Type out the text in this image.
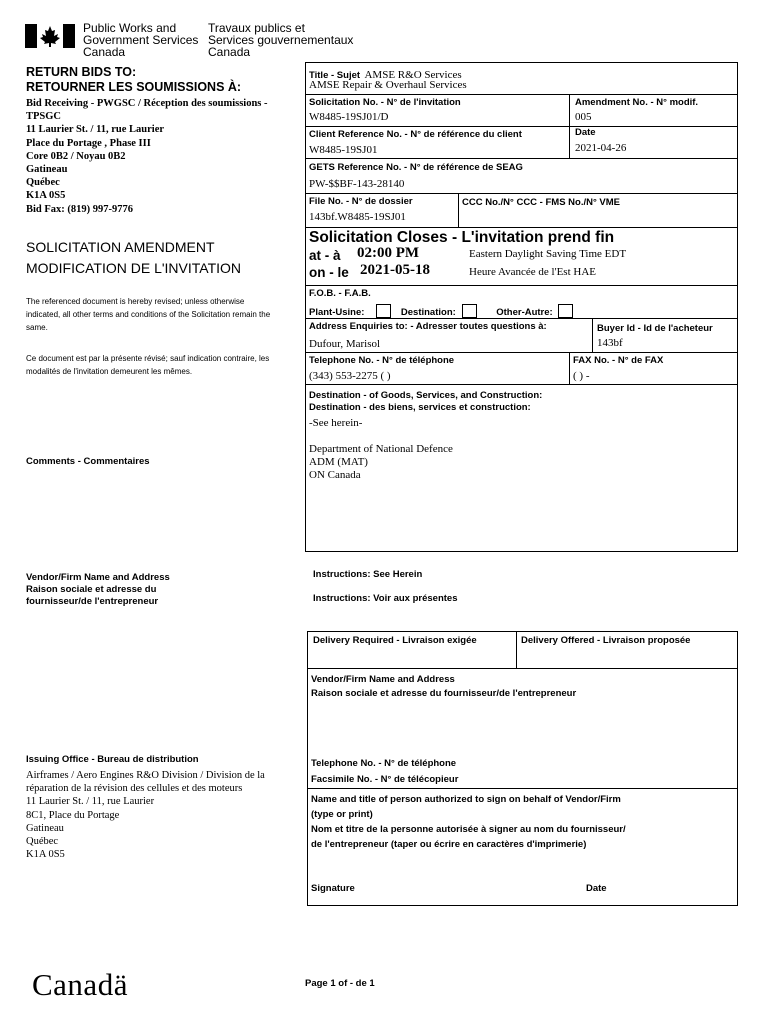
Public Works and
Government Services
Canada
Travaux publics et
Services gouvernementaux
Canada
RETURN BIDS TO:
RETOURNER LES SOUMISSIONS À:
Bid Receiving - PWGSC / Réception des soumissions -
TPSGC
11 Laurier St. / 11, rue Laurier
Place du Portage , Phase III
Core 0B2 / Noyau 0B2
Gatineau
Québec
K1A 0S5
Bid Fax: (819) 997-9776
SOLICITATION AMENDMENT
MODIFICATION DE L'INVITATION
The referenced document is hereby revised; unless otherwise indicated, all other terms and conditions of the Solicitation remain the same.
Ce document est par la présente révisé; sauf indication contraire, les modalités de l'invitation demeurent les mêmes.
Comments - Commentaires
Vendor/Firm Name and Address
Raison sociale et adresse du
fournisseur/de l'entrepreneur
Issuing Office - Bureau de distribution
Airframes / Aero Engines R&O Division / Division de la
réparation de la révision des cellules et des moteurs
11 Laurier St. / 11, rue Laurier
8C1, Place du Portage
Gatineau
Québec
K1A 0S5
Title - Sujet AMSE R&O Services
AMSE Repair & Overhaul Services
Solicitation No. - N° de l'invitation
W8485-19SJ01/D
Amendment No. - N° modif.
005
Client Reference No. - N° de référence du client
W8485-19SJ01
Date
2021-04-26
GETS Reference No. - N° de référence de SEAG
PW-$$BF-143-28140
File No. - N° de dossier
143bf.W8485-19SJ01
CCC No./N° CCC - FMS No./N° VME
Solicitation Closes - L'invitation prend fin
at - à 02:00 PM	Eastern Daylight Saving Time EDT
on - le 2021-05-18	Heure Avancée de l'Est HAE
F.O.B. - F.A.B.
Plant-Usine:	Destination:	Other-Autre:
Address Enquiries to: - Adresser toutes questions à:
Dufour, Marisol
Buyer Id - Id de l'acheteur
143bf
Telephone No. - N° de téléphone
(343) 553-2275 ( )
FAX No. - N° de FAX
( ) -
Destination - of Goods, Services, and Construction:
Destination - des biens, services et construction:
-See herein-
Department of National Defence
ADM (MAT)
ON Canada
Instructions: See Herein
Instructions: Voir aux présentes
Delivery Required - Livraison exigée	Delivery Offered - Livraison proposée
Vendor/Firm Name and Address
Raison sociale et adresse du fournisseur/de l'entrepreneur
Telephone No. - N° de téléphone
Facsimile No. - N° de télécopieur
Name and title of person authorized to sign on behalf of Vendor/Firm
(type or print)
Nom et titre de la personne autorisée à signer au nom du fournisseur/
de l'entrepreneur (taper ou écrire en caractères d'imprimerie)
Signature	Date
Canadä	Page 1 of - de 1
